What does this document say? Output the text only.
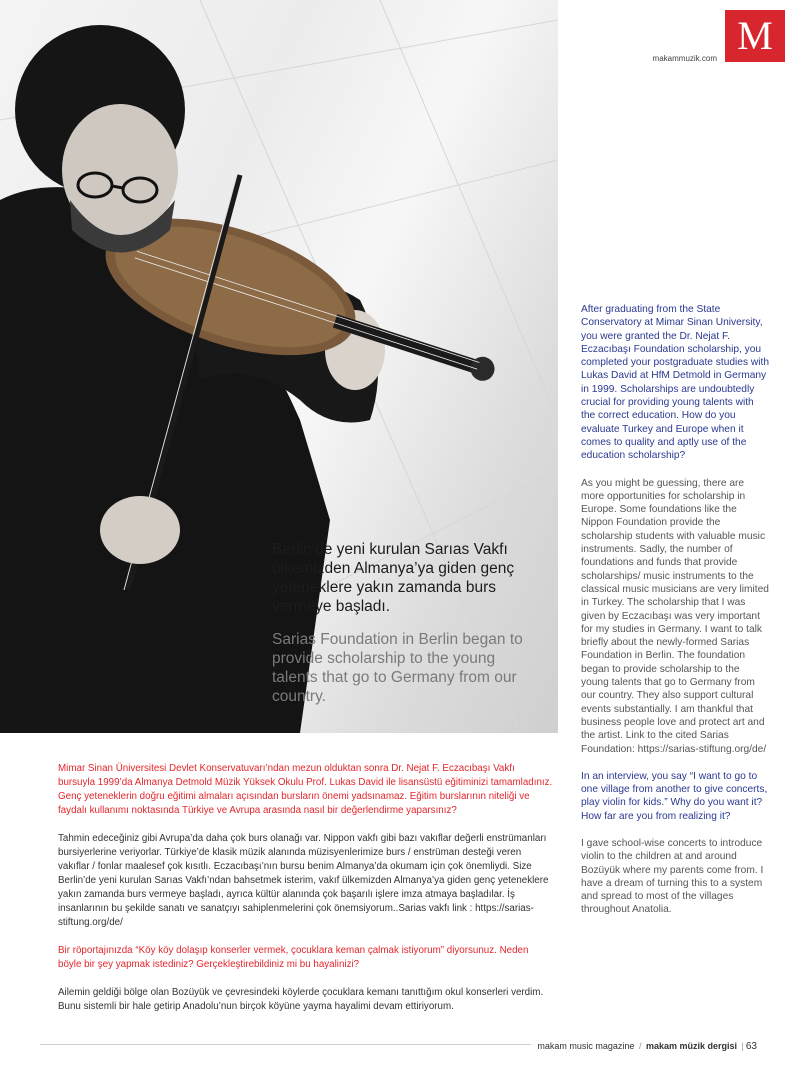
Berlin’de yeni kurulan Sarıas Vakfı ülkemizden Almanya’ya giden genç yeteneklere yakın zamanda burs vermeye başladı.

Sarias Foundation in Berlin began to provide scholarship to the young talents that go to Germany from our country.

M
makammuzik.com

After graduating from the State Conservatory at Mimar Sinan University, you were granted the Dr. Nejat F. Eczacıbaşı Foundation scholarship, you completed your postgraduate studies with Lukas David at HfM Detmold in Germany in 1999. Scholarships are undoubtedly crucial for providing young talents with the correct education. How do you evaluate Turkey and Europe when it comes to quality and aptly use of the education scholarship?

As you might be guessing, there are more opportunities for scholarship in Europe. Some foundations like the Nippon Foundation provide the scholarship students with valuable music instruments. Sadly, the number of foundations and funds that provide scholarships/ music instruments to the classical music musicians are very limited in Turkey. The scholarship that I was given by Eczacıbaşı was very important for my studies in Germany. I want to talk briefly about the newly-formed Sarias Foundation in Berlin. The foundation began to provide scholarship to the young talents that go to Germany from our country. They also support cultural events substantially. I am thankful that business people love and protect art and the artist. Link to the cited Sarias Foundation: https://sarias-stiftung.org/de/

In an interview, you say “I want to go to one village from another to give concerts, play violin for kids.” Why do you want it? How far are you from realizing it?

I gave school-wise concerts to introduce violin to the children at and around Bozüyük where my parents come from. I have a dream of turning this to a system and spread to most of the villages throughout Anatolia.

Mimar Sinan Üniversitesi Devlet Konservatuvarı’ndan mezun olduktan sonra Dr. Nejat F. Eczacıbaşı Vakfı bursuyla 1999’da Almanya Detmold Müzik Yüksek Okulu Prof. Lukas David ile lisansüstü eğitiminizi tamamladınız. Genç yeteneklerin doğru eğitimi almaları açısından bursların önemi yadsınamaz. Eğitim burslarının niteliği ve faydalı kullanımı noktasında Türkiye ve Avrupa arasında nasıl bir değerlendirme yaparsınız?

Tahmin edeceğiniz gibi Avrupa’da daha çok burs olanağı var. Nippon vakfı gibi bazı vakıflar değerli enstrümanları bursiyerlerine veriyorlar. Türkiye’de klasik müzik alanında müzisyenlerimize burs / enstrüman desteği veren vakıflar / fonlar maalesef çok kısıtlı. Eczacıbaşı’nın bursu benim Almanya’da okumam için çok önemliydi. Size Berlin’de yeni kurulan Sarıas Vakfı’ndan bahsetmek isterim, vakıf ülkemizden Almanya’ya giden genç yeteneklere yakın zamanda burs vermeye başladı, ayrıca kültür alanında çok başarılı işlere imza atmaya başladılar. İş insanlarının bu şekilde sanatı ve sanatçıyı sahiplenmelerini çok önemsiyorum..Sarias vakfı link : https://sarias-stiftung.org/de/

Bir röportajınızda “Köy köy dolaşıp konserler vermek, çocuklara keman çalmak istiyorum” diyorsunuz. Neden böyle bir şey yapmak istediniz? Gerçekleştirebildiniz mi bu hayalinizi?

Ailemin geldiği bölge olan Bozüyük ve çevresindeki köylerde çocuklara kemanı tanıttığım okul konserleri verdim. Bunu sistemli bir hale getirip Anadolu’nun birçok köyüne yayma hayalimi devam ettiriyorum.

makam music magazine / makam müzik dergisi | 63
